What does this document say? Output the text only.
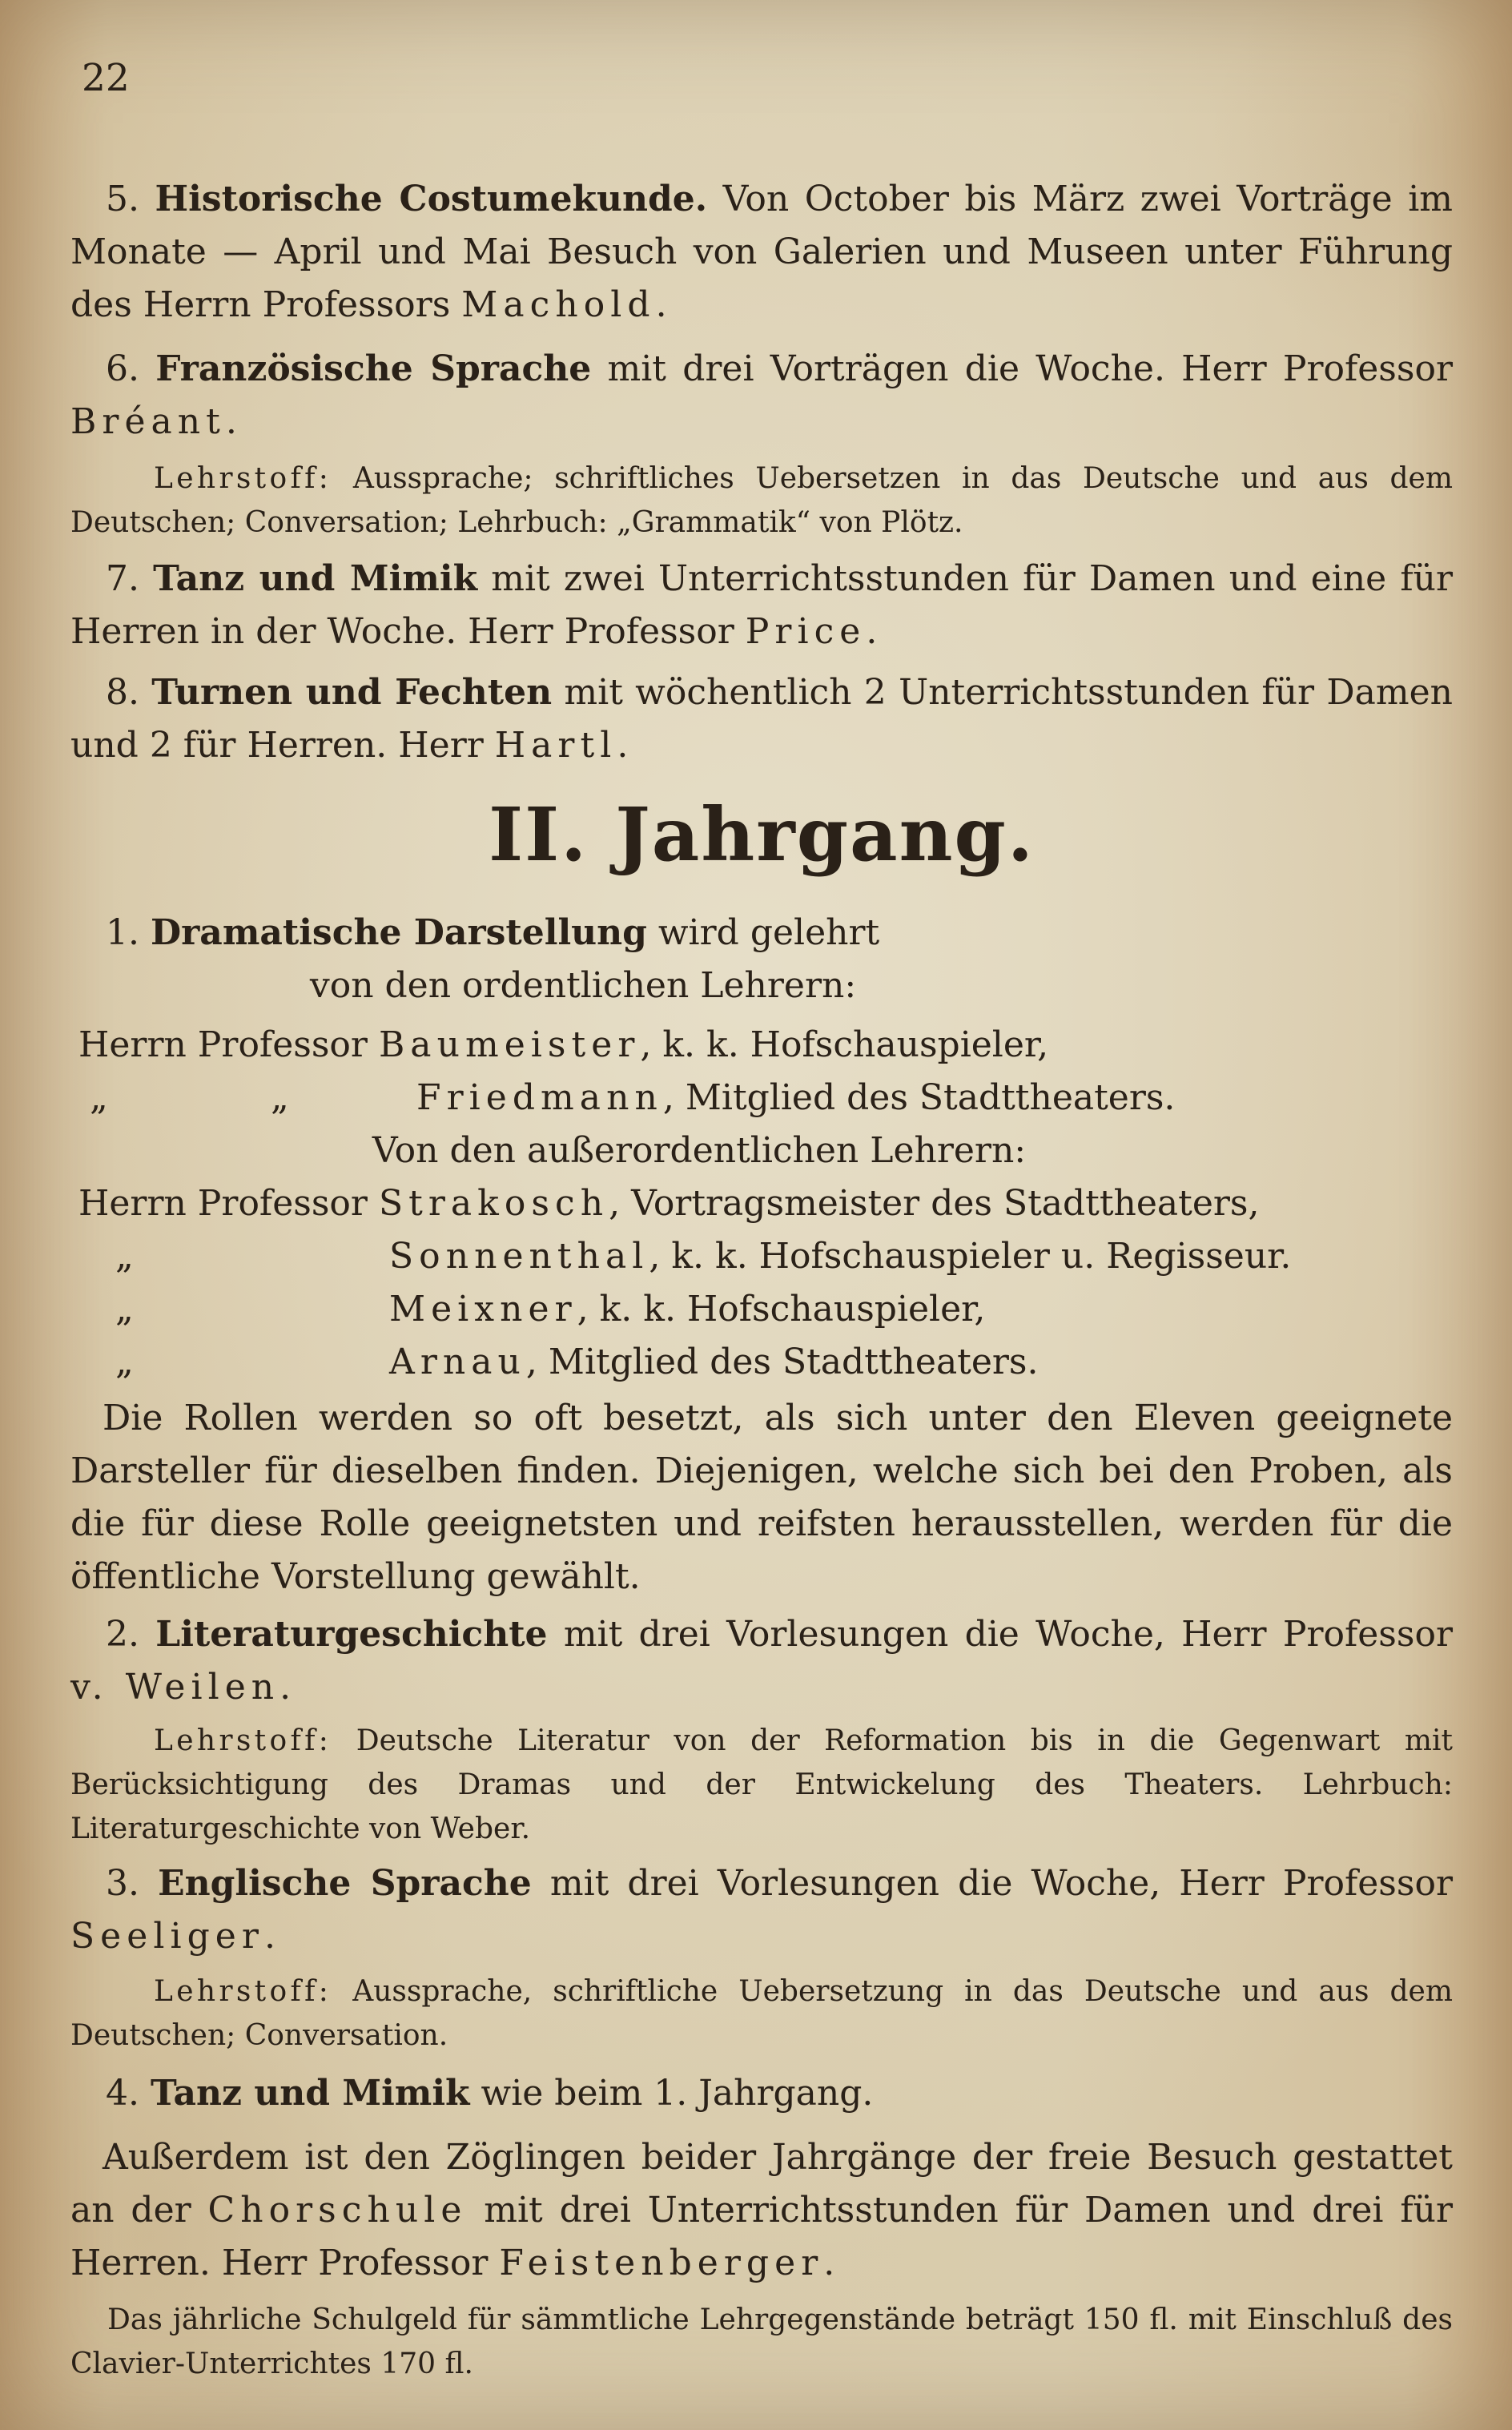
22

5. Historische Costumekunde. Von October bis März zwei Vorträge im Monate — April und Mai Besuch von Galerien und Museen unter Führung des Herrn Professors Machold.

6. Französische Sprache mit drei Vorträgen die Woche. Herr Professor Bréant.

Lehrstoff: Aussprache; schriftliches Uebersetzen in das Deutsche und aus dem Deutschen; Conversation; Lehrbuch: „Grammatik“ von Plötz.

7. Tanz und Mimik mit zwei Unterrichtsstunden für Damen und eine für Herren in der Woche. Herr Professor Price.

8. Turnen und Fechten mit wöchentlich 2 Unterrichtsstunden für Damen und 2 für Herren. Herr Hartl.

II. Jahrgang.

1. Dramatische Darstellung wird gelehrt

von den ordentlichen Lehrern:

Herrn Professor Baumeister, k. k. Hofschauspieler,
„	„	Friedmann, Mitglied des Stadttheaters.

Von den außerordentlichen Lehrern:

Herrn Professor Strakosch, Vortragsmeister des Stadttheaters,
„	Sonnenthal, k. k. Hofschauspieler u. Regisseur.
„	Meixner, k. k. Hofschauspieler,
„	Arnau, Mitglied des Stadttheaters.

Die Rollen werden so oft besetzt, als sich unter den Eleven geeignete Darsteller für dieselben finden. Diejenigen, welche sich bei den Proben, als die für diese Rolle geeignetsten und reifsten herausstellen, werden für die öffentliche Vorstellung gewählt.

2. Literaturgeschichte mit drei Vorlesungen die Woche, Herr Professor v. Weilen.

Lehrstoff: Deutsche Literatur von der Reformation bis in die Gegenwart mit Berücksichtigung des Dramas und der Entwickelung des Theaters. Lehrbuch: Literaturgeschichte von Weber.

3. Englische Sprache mit drei Vorlesungen die Woche, Herr Professor Seeliger.

Lehrstoff: Aussprache, schriftliche Uebersetzung in das Deutsche und aus dem Deutschen; Conversation.

4. Tanz und Mimik wie beim 1. Jahrgang.

Außerdem ist den Zöglingen beider Jahrgänge der freie Besuch gestattet an der Chorschule mit drei Unterrichtsstunden für Damen und drei für Herren. Herr Professor Feistenberger.

Das jährliche Schulgeld für sämmtliche Lehrgegenstände beträgt 150 fl. mit Einschluß des Clavier-Unterrichtes 170 fl.
